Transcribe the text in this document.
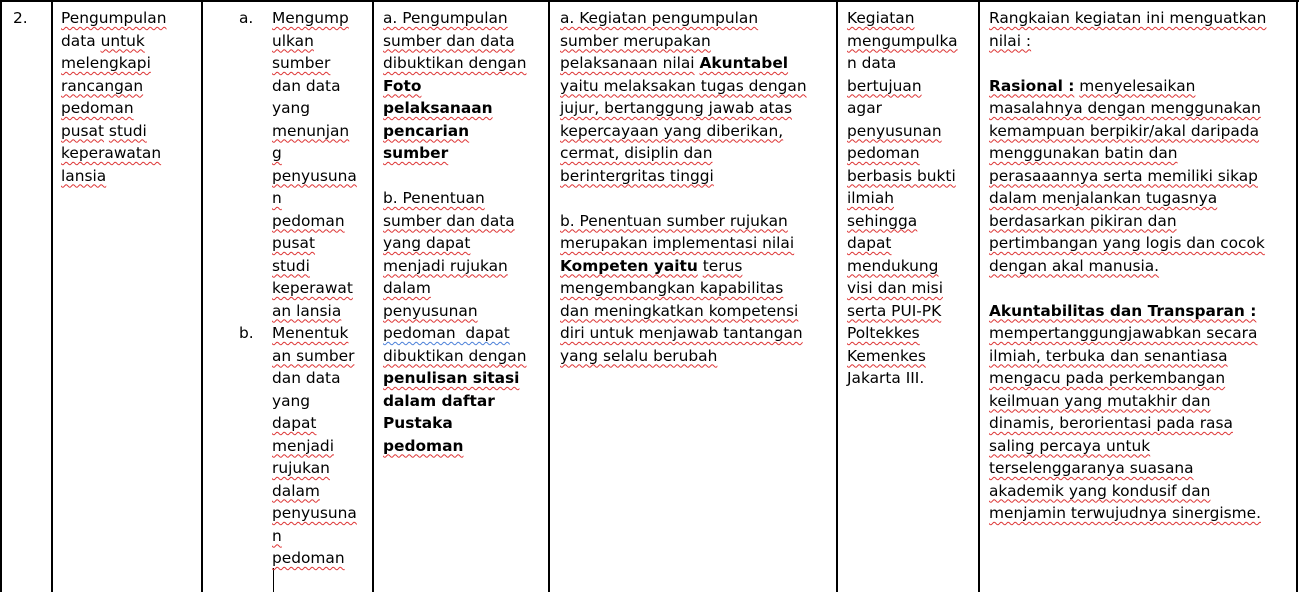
2.	Pengumpulan
data untuk
melengkapi
rancangan
pedoman
pusat studi
keperawatan
lansia
a. Mengump
ulkan
sumber
dan data
yang
menunjan
g
penyusuna
n
pedoman
pusat
studi
keperawat
an lansia
b. Menentuk
an sumber
dan data
yang
dapat
menjadi
rujukan
dalam
penyusuna
n
pedoman
a. Pengumpulan
sumber dan data
dibuktikan dengan
Foto
pelaksanaan
pencarian
sumber
b. Penentuan
sumber dan data
yang dapat
menjadi rujukan
dalam
penyusunan
pedoman  dapat
dibuktikan dengan
penulisan sitasi
dalam daftar
Pustaka
pedoman
a. Kegiatan pengumpulan
sumber merupakan
pelaksanaan nilai Akuntabel
yaitu melaksakan tugas dengan
jujur, bertanggung jawab atas
kepercayaan yang diberikan,
cermat, disiplin dan
berintergritas tinggi
b. Penentuan sumber rujukan
merupakan implementasi nilai
Kompeten yaitu terus
mengembangkan kapabilitas
dan meningkatkan kompetensi
diri untuk menjawab tantangan
yang selalu berubah
Kegiatan
mengumpulka
n data
bertujuan
agar
penyusunan
pedoman
berbasis bukti
ilmiah
sehingga
dapat
mendukung
visi dan misi
serta PUI-PK
Poltekkes
Kemenkes
Jakarta III.
Rangkaian kegiatan ini menguatkan
nilai :
Rasional : menyelesaikan
masalahnya dengan menggunakan
kemampuan berpikir/akal daripada
menggunakan batin dan
perasaaannya serta memiliki sikap
dalam menjalankan tugasnya
berdasarkan pikiran dan
pertimbangan yang logis dan cocok
dengan akal manusia.
Akuntabilitas dan Transparan :
mempertanggungjawabkan secara
ilmiah, terbuka dan senantiasa
mengacu pada perkembangan
keilmuan yang mutakhir dan
dinamis, berorientasi pada rasa
saling percaya untuk
terselenggaranya suasana
akademik yang kondusif dan
menjamin terwujudnya sinergisme.
